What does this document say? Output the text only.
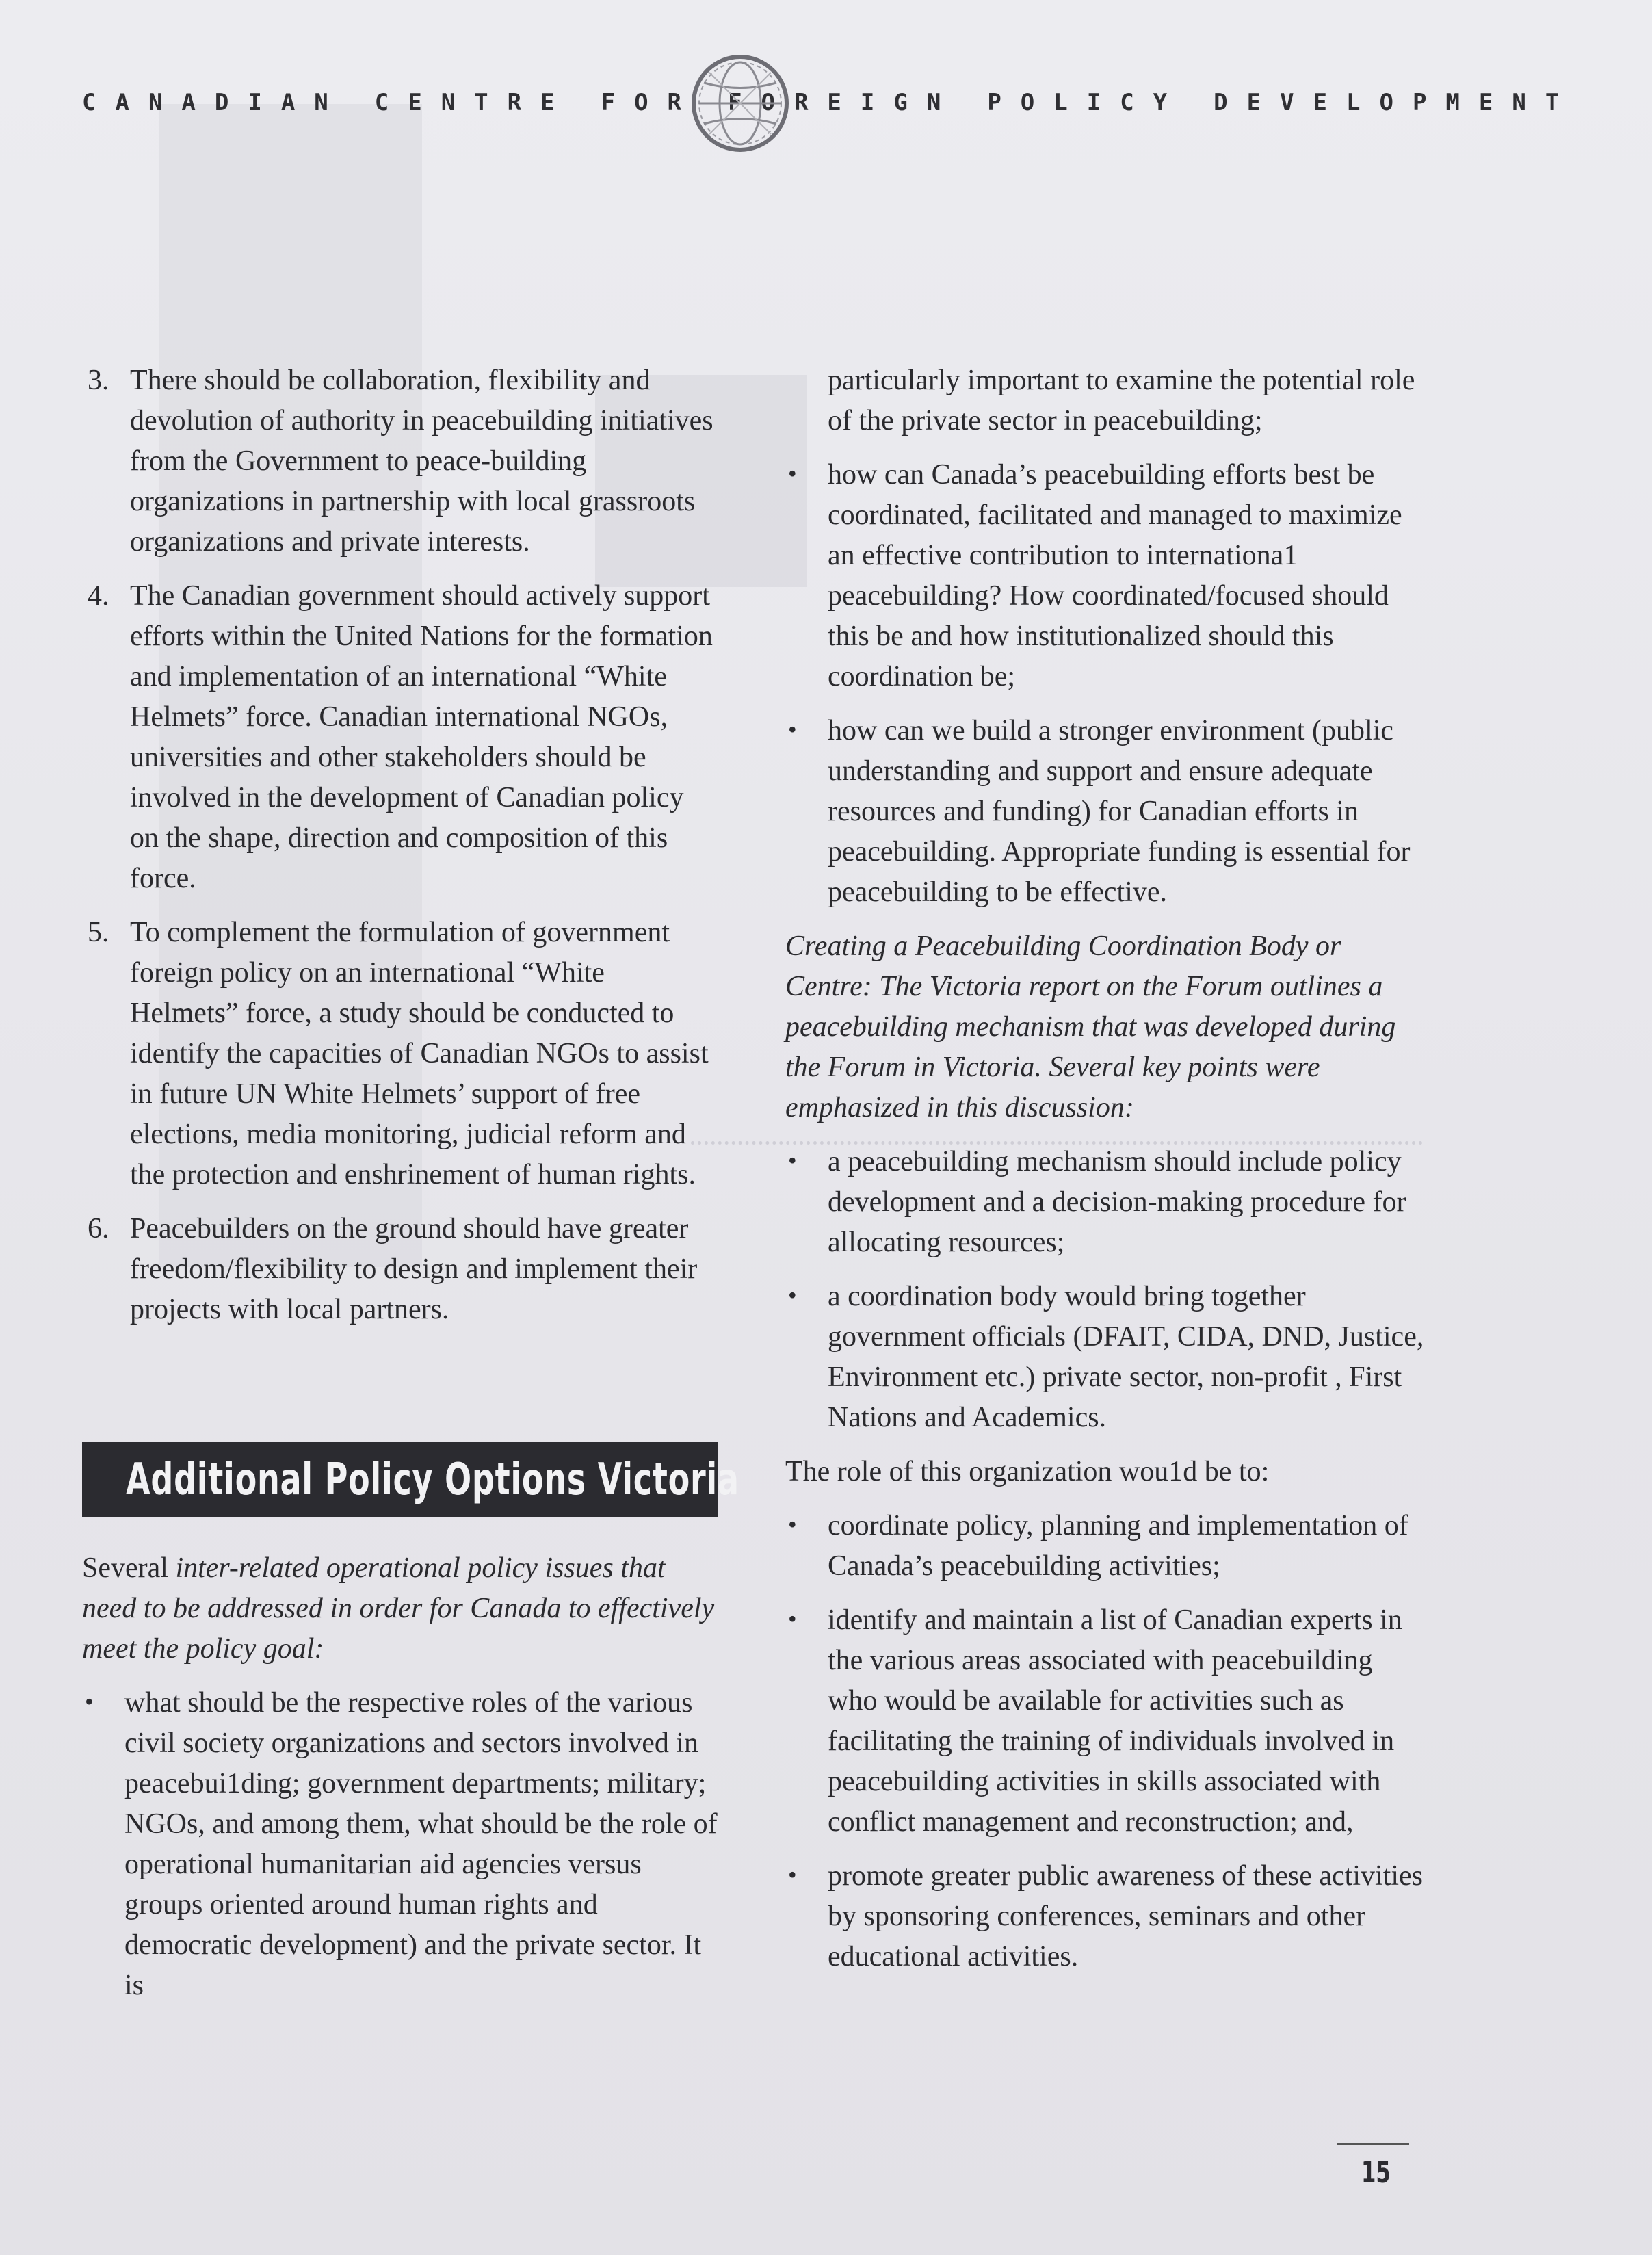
CANADIAN CENTRE FOR FOREIGN POLICY DEVELOPMENT
3. There should be collaboration, flexibility and devolution of authority in peacebuilding initiatives from the Government to peace-building organizations in partnership with local grassroots organizations and private interests.
4. The Canadian government should actively support efforts within the United Nations for the formation and implementation of an international “White Helmets” force. Canadian international NGOs, universities and other stakeholders should be involved in the development of Canadian policy on the shape, direction and composition of this force.
5. To complement the formulation of government foreign policy on an international “White Helmets” force, a study should be conducted to identify the capacities of Canadian NGOs to assist in future UN White Helmets’ support of free elections, media monitoring, judicial reform and the protection and enshrinement of human rights.
6. Peacebuilders on the ground should have greater freedom/flexibility to design and implement their projects with local partners.
Additional Policy Options Victoria

Several inter-related operational policy issues that need to be addressed in order for Canada to effectively meet the policy goal:

• what should be the respective roles of the various civil society organizations and sectors involved in peacebui1ding; government departments; military; NGOs, and among them, what should be the role of operational humanitarian aid agencies versus groups oriented around human rights and democratic development) and the private sector. It is

particularly important to examine the potential role of the private sector in peacebuilding;

• how can Canada’s peacebuilding efforts best be coordinated, facilitated and managed to maximize an effective contribution to internationa1 peacebuilding? How coordinated/focused should this be and how institutionalized should this coordination be;
• how can we build a stronger environment (public understanding and support and ensure adequate resources and funding) for Canadian efforts in peacebuilding. Appropriate funding is essential for peacebuilding to be effective.

Creating a Peacebuilding Coordination Body or Centre: The Victoria report on the Forum outlines a peacebuilding mechanism that was developed during the Forum in Victoria. Several key points were emphasized in this discussion:

• a peacebuilding mechanism should include policy development and a decision-making procedure for allocating resources;
• a coordination body would bring together government officials (DFAIT, CIDA, DND, Justice, Environment etc.) private sector, non-profit , First Nations and Academics.

The role of this organization wou1d be to:

• coordinate policy, planning and implementation of Canada’s peacebuilding activities;
• identify and maintain a list of Canadian experts in the various areas associated with peacebuilding who would be available for activities such as facilitating the training of individuals involved in peacebuilding activities in skills associated with conflict management and reconstruction; and,
• promote greater public awareness of these activities by sponsoring conferences, seminars and other educational activities.
15
